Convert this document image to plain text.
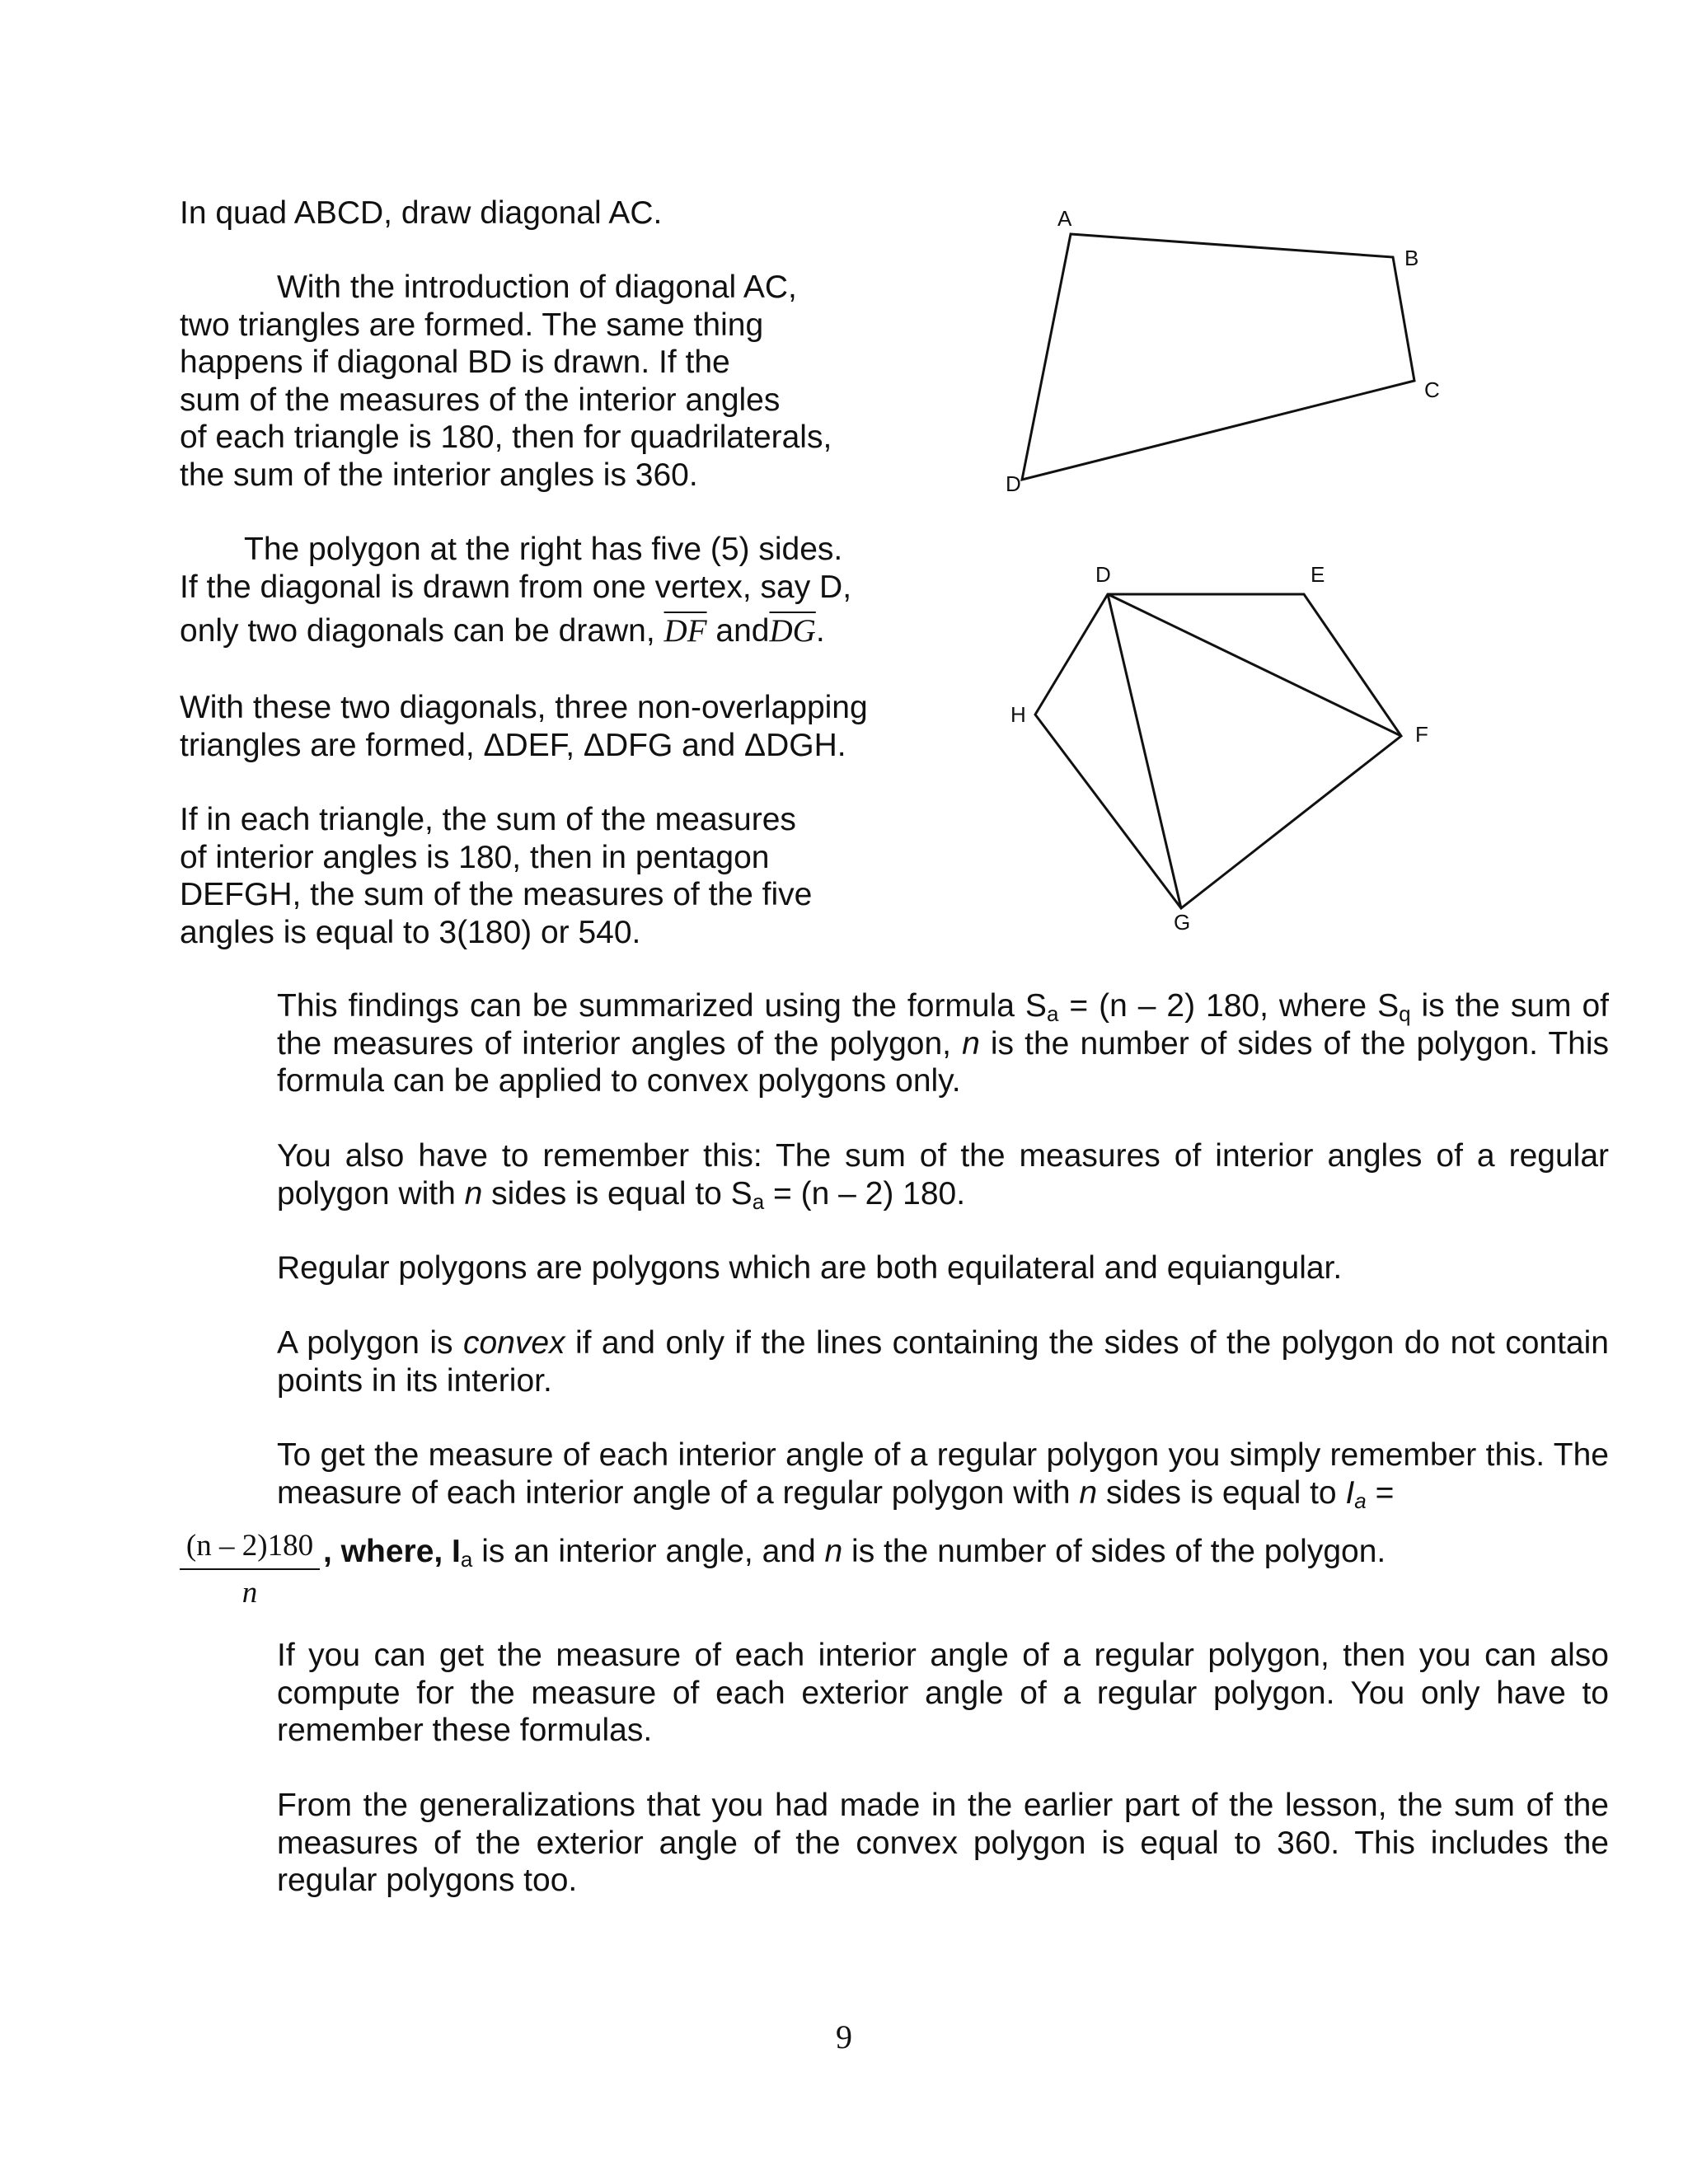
In quad ABCD, draw diagonal AC.
With the introduction of diagonal AC,
two triangles are formed. The same thing
happens if diagonal BD is drawn. If the
sum of the measures of the interior angles
of each triangle is 180, then for quadrilaterals,
the sum of the interior angles is 360.
The polygon at the right has five (5) sides.
If the diagonal is drawn from one vertex, say D,
only two diagonals can be drawn, $\overline{DF}$ $and\overline{DG}$.
With these two diagonals, three non-overlapping
triangles are formed, ΔDEF, ΔDFG and ΔDGH.
If in each triangle, the sum of the measures
of interior angles is 180, then in pentagon
DEFGH, the sum of the measures of the five
angles is equal to 3(180) or 540.
This findings can be summarized using the formula $S_a = (n - 2)$ 180, where $S_q$ is the sum of the measures of interior angles of the polygon, n is the number of sides of the polygon. This formula can be applied to convex polygons only.
You also have to remember this: The sum of the measures of interior angles of a regular polygon with n sides is equal to $S_a = (n - 2)$ 180.
Regular polygons are polygons which are both equilateral and equiangular.
A polygon is convex if and only if the lines containing the sides of the polygon do not contain points in its interior.
To get the measure of each interior angle of a regular polygon you simply remember this. The measure of each interior angle of a regular polygon with n sides is equal to $I_a$ =
$\frac{(n - 2)180}{n}$ , where, $I_a$ is an interior angle, and n is the number of sides of the polygon.
If you can get the measure of each interior angle of a regular polygon, then you can also compute for the measure of each exterior angle of a regular polygon. You only have to remember these formulas.
From the generalizations that you had made in the earlier part of the lesson, the sum of the measures of the exterior angle of the convex polygon is equal to 360. This includes the regular polygons too.
9
A
B
C
D
D	E
F
G
H
